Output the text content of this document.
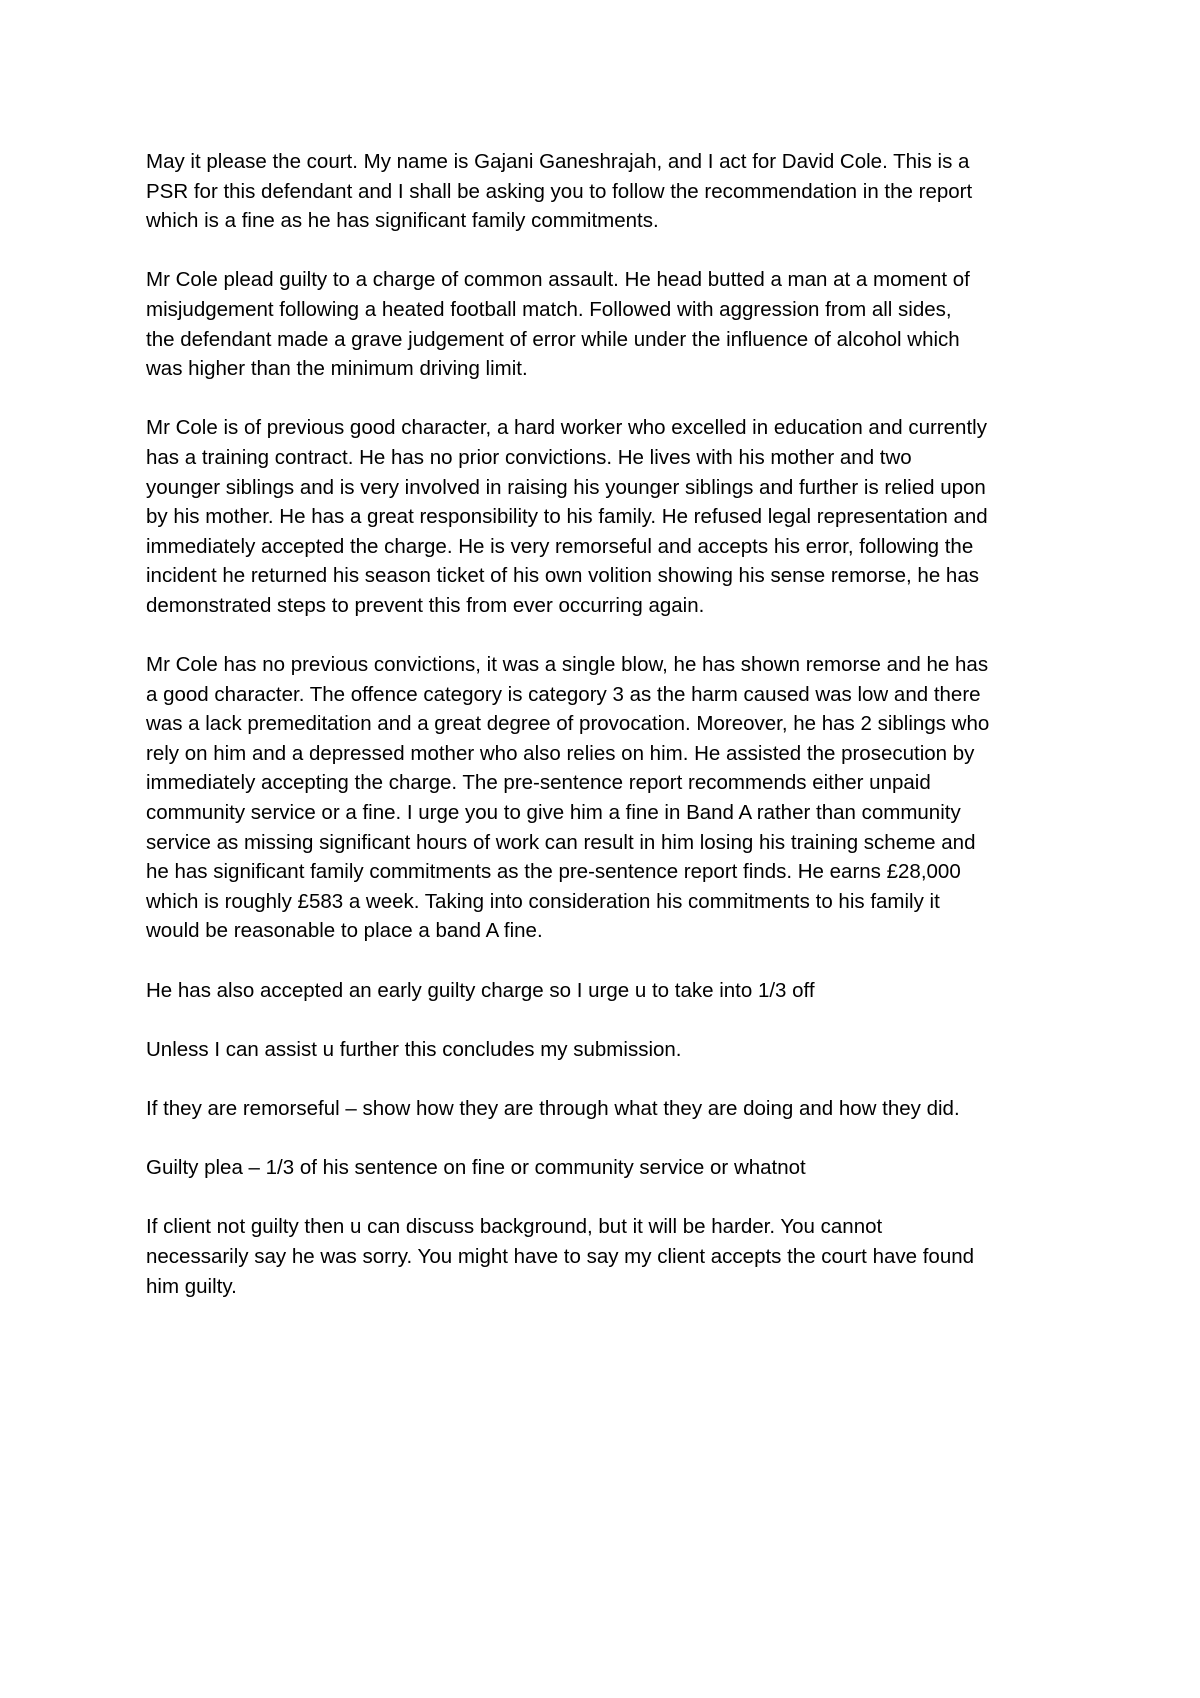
May it please the court. My name is Gajani Ganeshrajah, and I act for David Cole. This is a
PSR for this defendant and I shall be asking you to follow the recommendation in the report
which is a fine as he has significant family commitments.

Mr Cole plead guilty to a charge of common assault. He head butted a man at a moment of
misjudgement following a heated football match. Followed with aggression from all sides,
the defendant made a grave judgement of error while under the influence of alcohol which
was higher than the minimum driving limit.

Mr Cole is of previous good character, a hard worker who excelled in education and currently
has a training contract. He has no prior convictions. He lives with his mother and two
younger siblings and is very involved in raising his younger siblings and further is relied upon
by his mother. He has a great responsibility to his family. He refused legal representation and
immediately accepted the charge. He is very remorseful and accepts his error, following the
incident he returned his season ticket of his own volition showing his sense remorse, he has
demonstrated steps to prevent this from ever occurring again.

Mr Cole has no previous convictions, it was a single blow, he has shown remorse and he has
a good character. The offence category is category 3 as the harm caused was low and there
was a lack premeditation and a great degree of provocation. Moreover, he has 2 siblings who
rely on him and a depressed mother who also relies on him. He assisted the prosecution by
immediately accepting the charge. The pre-sentence report recommends either unpaid
community service or a fine. I urge you to give him a fine in Band A rather than community
service as missing significant hours of work can result in him losing his training scheme and
he has significant family commitments as the pre-sentence report finds. He earns £28,000
which is roughly £583 a week. Taking into consideration his commitments to his family it
would be reasonable to place a band A fine.

He has also accepted an early guilty charge so I urge u to take into 1/3 off

Unless I can assist u further this concludes my submission.

If they are remorseful – show how they are through what they are doing and how they did.

Guilty plea – 1/3 of his sentence on fine or community service or whatnot

If client not guilty then u can discuss background, but it will be harder. You cannot
necessarily say he was sorry. You might have to say my client accepts the court have found
him guilty.
